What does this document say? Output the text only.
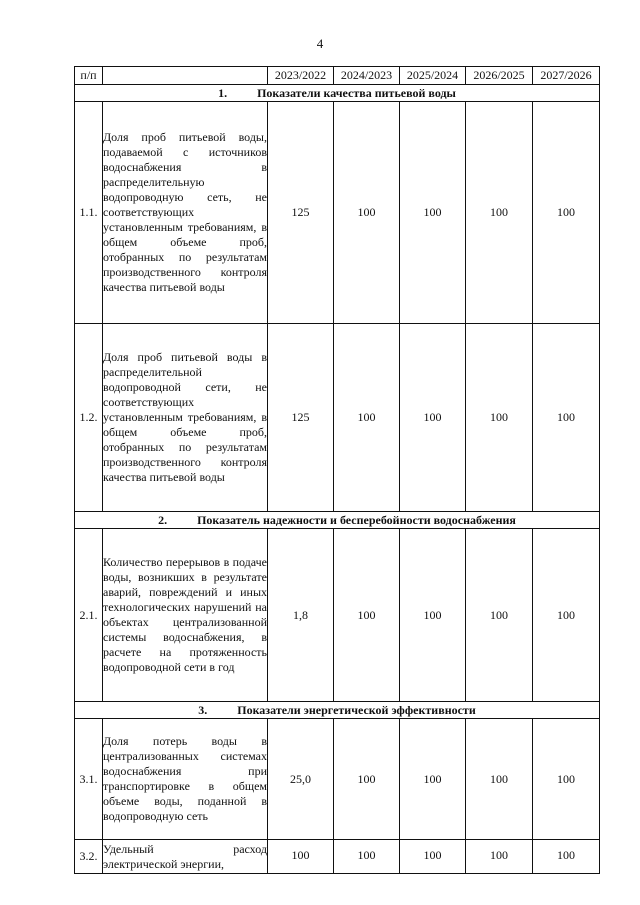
4
п/п		2023/2022	2024/2023	2025/2024	2026/2025	2027/2026
1. Показатели качества питьевой воды						
1.1.	Доля проб питьевой воды, подаваемой с источников водоснабжения в распределительную водопроводную сеть, не соответствующих установленным требованиям, в общем объеме проб, отобранных по результатам производственного контроля качества питьевой воды	125	100	100	100	100
1.2.	Доля проб питьевой воды в распределительной водопроводной сети, не соответствующих установленным требованиям, в общем объеме проб, отобранных по результатам производственного контроля качества питьевой воды	125	100	100	100	100
2. Показатель надежности и бесперебойности водоснабжения						
2.1.	Количество перерывов в подаче воды, возникших в результате аварий, повреждений и иных технологических нарушений на объектах централизованной системы водоснабжения, в расчете на протяженность водопроводной сети в год	1,8	100	100	100	100
3. Показатели энергетической эффективности						
3.1.	Доля потерь воды в централизованных системах водоснабжения при транспортировке в общем объеме воды, поданной в водопроводную сеть	25,0	100	100	100	100
3.2.	Удельный расход электрической энергии,	100	100	100	100	100
